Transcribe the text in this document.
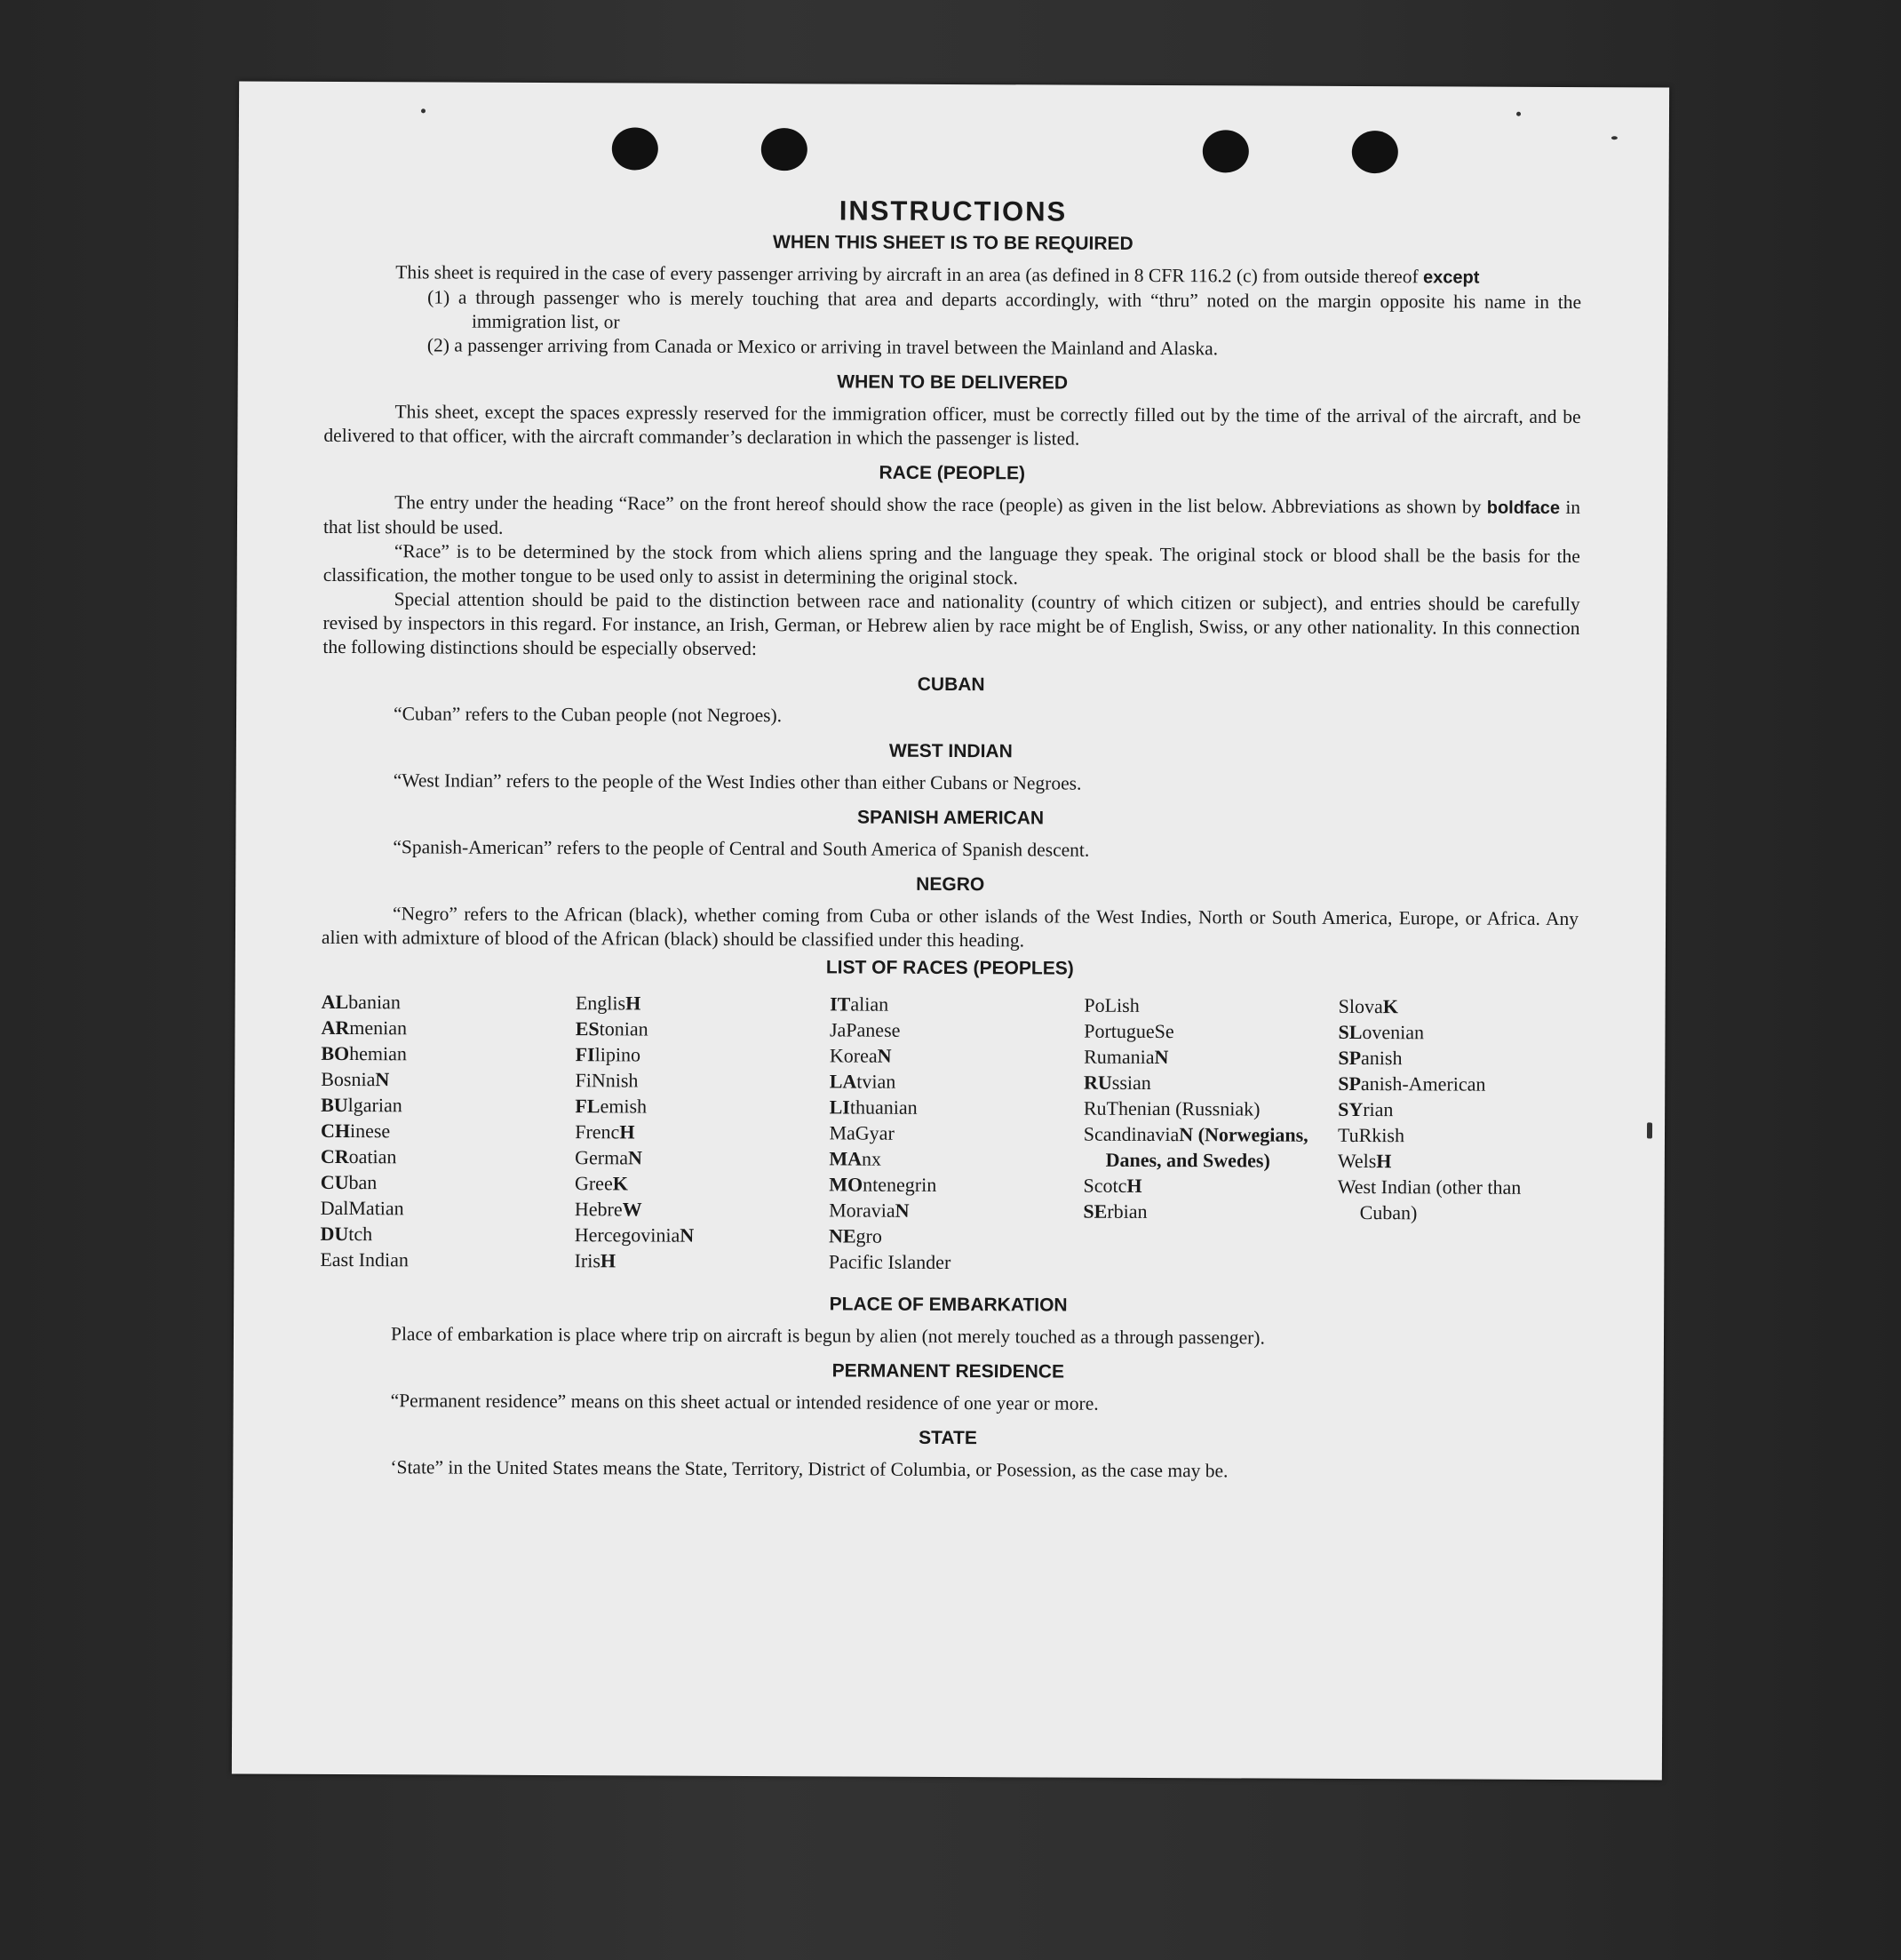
INSTRUCTIONS
WHEN THIS SHEET IS TO BE REQUIRED

This sheet is required in the case of every passenger arriving by aircraft in an area (as defined in 8 CFR 116.2 (c) from outside thereof except

(1) a through passenger who is merely touching that area and departs accordingly, with “thru” noted on the margin opposite his name in the immigration list, or

(2) a passenger arriving from Canada or Mexico or arriving in travel between the Mainland and Alaska.

WHEN TO BE DELIVERED

This sheet, except the spaces expressly reserved for the immigration officer, must be correctly filled out by the time of the arrival of the aircraft, and be delivered to that officer, with the aircraft commander’s declaration in which the passenger is listed.

RACE (PEOPLE)

The entry under the heading “Race” on the front hereof should show the race (people) as given in the list below. Abbreviations as shown by boldface in that list should be used.

“Race” is to be determined by the stock from which aliens spring and the language they speak. The original stock or blood shall be the basis for the classification, the mother tongue to be used only to assist in determining the original stock.

Special attention should be paid to the distinction between race and nationality (country of which citizen or subject), and entries should be carefully revised by inspectors in this regard. For instance, an Irish, German, or Hebrew alien by race might be of English, Swiss, or any other nationality. In this connection the following distinctions should be especially observed:

CUBAN

“Cuban” refers to the Cuban people (not Negroes).

WEST INDIAN

“West Indian” refers to the people of the West Indies other than either Cubans or Negroes.

SPANISH AMERICAN

“Spanish-American” refers to the people of Central and South America of Spanish descent.

NEGRO

“Negro” refers to the African (black), whether coming from Cuba or other islands of the West Indies, North or South America, Europe, or Africa. Any alien with admixture of blood of the African (black) should be classified under this heading.

LIST OF RACES (PEOPLES)
ALbanian
ARmenian
BOhemian
BosniaN
BUlgarian
CHinese
CRoatian
CUban
DalMatian
DUtch
East Indian
EnglisH
EStonian
FIlipino
FiNnish
FLemish
FrencH
GermaN
GreeK
HebreW
HercegoviniaN
IrisH
ITalian
JaPanese
KoreaN
LAtvian
LIthuanian
MaGyar
MAnx
MOntenegrin
MoraviaN
NEgro
Pacific Islander
PoLish
PortugueSe
RumaniaN
RUssian
RuThenian (Russniak)
ScandinaviaN (Norwegians, Danes, and Swedes)
ScotcH
SErbian
SlovaK
SLovenian
SPanish
SPanish-American
SYrian
TuRkish
WelsH
West Indian (other than Cuban)
PLACE OF EMBARKATION

Place of embarkation is place where trip on aircraft is begun by alien (not merely touched as a through passenger).

PERMANENT RESIDENCE

“Permanent residence” means on this sheet actual or intended residence of one year or more.

STATE

‘State” in the United States means the State, Territory, District of Columbia, or Posession, as the case may be.
